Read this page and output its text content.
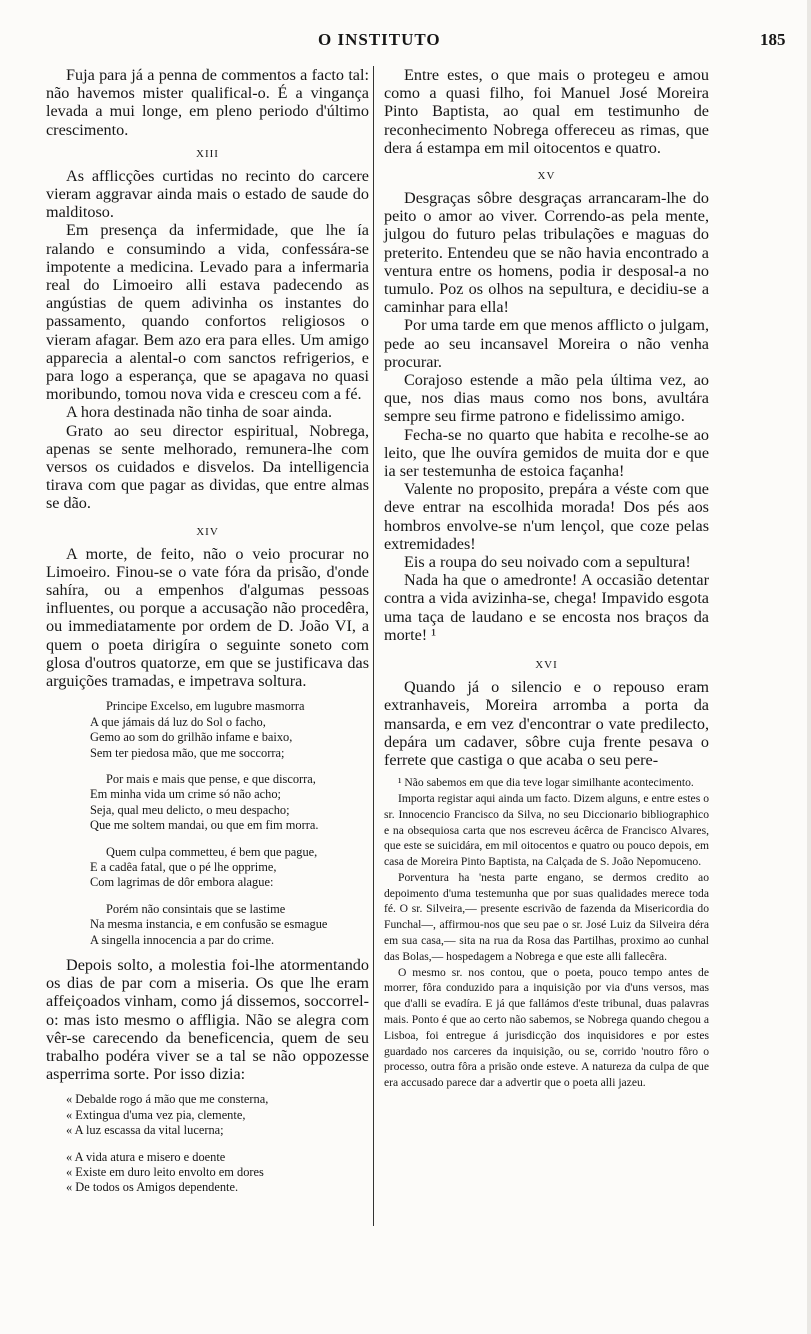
O INSTITUTO	185

Fuja para já a penna de commentos a facto tal: não havemos mister qualifical-o. É a vingança levada a mui longe, em pleno periodo d'último crescimento.

XIII

As afflicções curtidas no recinto do carcere vieram aggravar ainda mais o estado de saude do malditoso.

Em presença da infermidade, que lhe ía ralando e consumindo a vida, confessára-se impotente a medicina. Levado para a infermaria real do Limoeiro alli estava padecendo as angústias de quem adivinha os instantes do passamento, quando confortos religiosos o vieram afagar. Bem azo era para elles. Um amigo apparecia a alental-o com sanctos refrigerios, e para logo a esperança, que se apagava no quasi moribundo, tomou nova vida e cresceu com a fé.

A hora destinada não tinha de soar ainda.

Grato ao seu director espiritual, Nobrega, apenas se sente melhorado, remunera-lhe com versos os cuidados e disvelos. Da intelligencia tirava com que pagar as dividas, que entre almas se dão.

XIV

A morte, de feito, não o veio procurar no Limoeiro. Finou-se o vate fóra da prisão, d'onde sahíra, ou a empenhos d'algumas pessoas influentes, ou porque a accusação não procedêra, ou immediatamente por ordem de D. João VI, a quem o poeta dirigíra o seguinte soneto com glosa d'outros quatorze, em que se justificava das arguições tramadas, e impetrava soltura.

Principe Excelso, em lugubre masmorra
A que jámais dá luz do Sol o facho,
Gemo ao som do grilhão infame e baixo,
Sem ter piedosa mão, que me soccorra;
Por mais e mais que pense, e que discorra,
Em minha vida um crime só não acho;
Seja, qual meu delicto, o meu despacho;
Que me soltem mandai, ou que em fim morra.
Quem culpa commetteu, é bem que pague,
E a cadêa fatal, que o pé lhe opprime,
Com lagrimas de dôr embora alague:
Porém não consintais que se lastime
Na mesma instancia, e em confusão se esmague
A singella innocencia a par do crime.

Depois solto, a molestia foi-lhe atormentando os dias de par com a miseria. Os que lhe eram affeiçoados vinham, como já dissemos, soccorrel-o: mas isto mesmo o affligia. Não se alegra com vêr-se carecendo da beneficencia, quem de seu trabalho podéra viver se a tal se não oppozesse asperrima sorte. Por isso dizia:

« Debalde rogo á mão que me consterna,
« Extingua d'uma vez pia, clemente,
« A luz escassa da vital lucerna;
« A vida atura e misero e doente
« Existe em duro leito envolto em dores
« De todos os Amigos dependente.

Entre estes, o que mais o protegeu e amou como a quasi filho, foi Manuel José Moreira Pinto Baptista, ao qual em testimunho de reconhecimento Nobrega offereceu as rimas, que dera á estampa em mil oitocentos e quatro.

XV

Desgraças sôbre desgraças arrancaram-lhe do peito o amor ao viver. Correndo-as pela mente, julgou do futuro pelas tribulações e maguas do preterito. Entendeu que se não havia encontrado a ventura entre os homens, podia ir desposal-a no tumulo. Poz os olhos na sepultura, e decidiu-se a caminhar para ella!

Por uma tarde em que menos afflicto o julgam, pede ao seu incansavel Moreira o não venha procurar.

Corajoso estende a mão pela última vez, ao que, nos dias maus como nos bons, avultára sempre seu firme patrono e fidelissimo amigo.

Fecha-se no quarto que habita e recolhe-se ao leito, que lhe ouvíra gemidos de muita dor e que ia ser testemunha de estoica façanha!

Valente no proposito, prepára a véste com que deve entrar na escolhida morada! Dos pés aos hombros envolve-se n'um lençol, que coze pelas extremidades!

Eis a roupa do seu noivado com a sepultura!

Nada ha que o amedronte! A occasião detentar contra a vida avizinha-se, chega! Impavido esgota uma taça de laudano e se encosta nos braços da morte! ¹

XVI

Quando já o silencio e o repouso eram extranhaveis, Moreira arromba a porta da mansarda, e em vez d'encontrar o vate predilecto, depára um cadaver, sôbre cuja frente pesava o ferrete que castiga o que acaba o seu pere-

¹ Não sabemos em que dia teve logar similhante acontecimento.

Importa registar aqui ainda um facto. Dizem alguns, e entre estes o sr. Innocencio Francisco da Silva, no seu Diccionario bibliographico e na obsequiosa carta que nos escreveu ácêrca de Francisco Alvares, que este se suicidára, em mil oitocentos e quatro ou pouco depois, em casa de Moreira Pinto Baptista, na Calçada de S. João Nepomuceno.

Porventura ha 'nesta parte engano, se dermos credito ao depoimento d'uma testemunha que por suas qualidades merece toda fé. O sr. Silveira,— presente escrivão de fazenda da Misericordia do Funchal—, affirmou-nos que seu pae o sr. José Luiz da Silveira déra em sua casa,— sita na rua da Rosa das Partilhas, proximo ao cunhal das Bolas,— hospedagem a Nobrega e que este alli fallecêra.

O mesmo sr. nos contou, que o poeta, pouco tempo antes de morrer, fôra conduzido para a inquisição por via d'uns versos, mas que d'alli se evadíra. E já que fallámos d'este tribunal, duas palavras mais. Ponto é que ao certo não sabemos, se Nobrega quando chegou a Lisboa, foi entregue á jurisdicção dos inquisidores e por estes guardado nos carceres da inquisição, ou se, corrido 'noutro fôro o processo, outra fôra a prisão onde esteve. A natureza da culpa de que era accusado parece dar a advertir que o poeta alli jazeu.
